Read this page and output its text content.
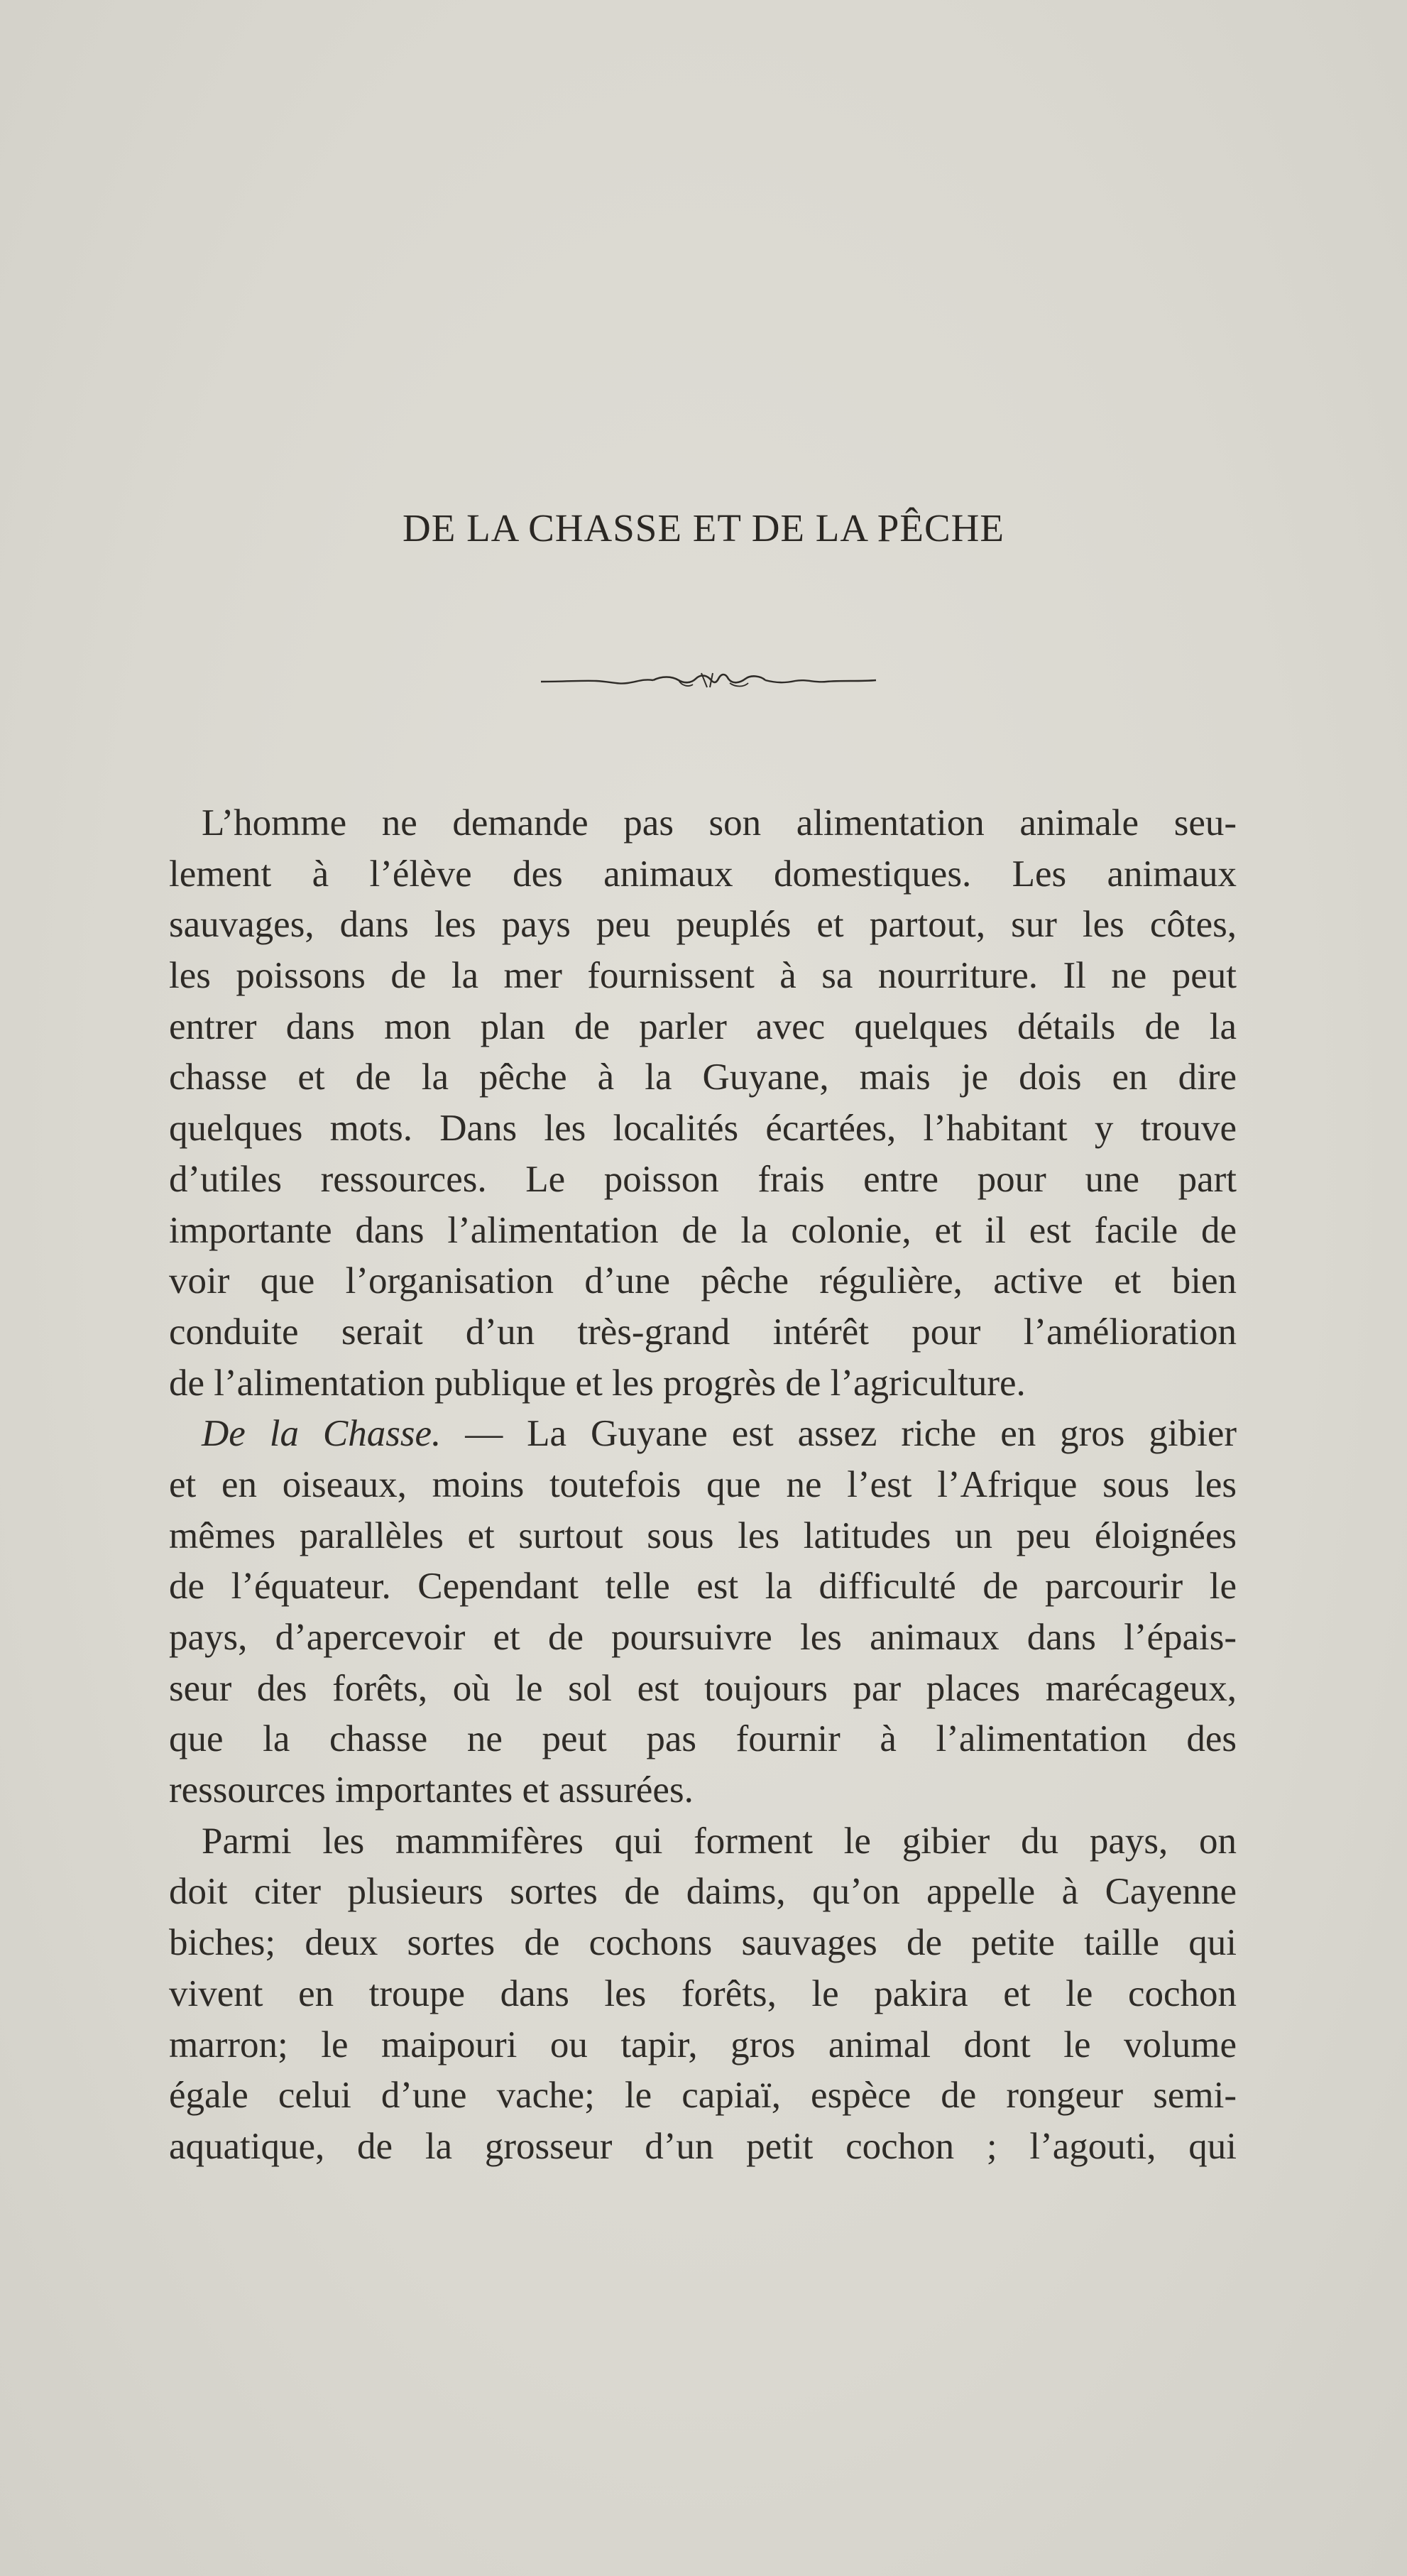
DE LA CHASSE ET DE LA PÊCHE
L’homme ne demande pas son alimentation animale seu-
lement à l’élève des animaux domestiques. Les animaux
sauvages, dans les pays peu peuplés et partout, sur les côtes,
les poissons de la mer fournissent à sa nourriture. Il ne peut
entrer dans mon plan de parler avec quelques détails de la
chasse et de la pêche à la Guyane, mais je dois en dire
quelques mots. Dans les localités écartées, l’habitant y trouve
d’utiles ressources. Le poisson frais entre pour une part
importante dans l’alimentation de la colonie, et il est facile de
voir que l’organisation d’une pêche régulière, active et bien
conduite serait d’un très-grand intérêt pour l’amélioration
de l’alimentation publique et les progrès de l’agriculture.
De la Chasse. — La Guyane est assez riche en gros gibier
et en oiseaux, moins toutefois que ne l’est l’Afrique sous les
mêmes parallèles et surtout sous les latitudes un peu éloignées
de l’équateur. Cependant telle est la difficulté de parcourir le
pays, d’apercevoir et de poursuivre les animaux dans l’épais-
seur des forêts, où le sol est toujours par places marécageux,
que la chasse ne peut pas fournir à l’alimentation des
ressources importantes et assurées.
Parmi les mammifères qui forment le gibier du pays, on
doit citer plusieurs sortes de daims, qu’on appelle à Cayenne
biches; deux sortes de cochons sauvages de petite taille qui
vivent en troupe dans les forêts, le pakira et le cochon
marron; le maipouri ou tapir, gros animal dont le volume
égale celui d’une vache; le capiaï, espèce de rongeur semi-
aquatique, de la grosseur d’un petit cochon ; l’agouti, qui
